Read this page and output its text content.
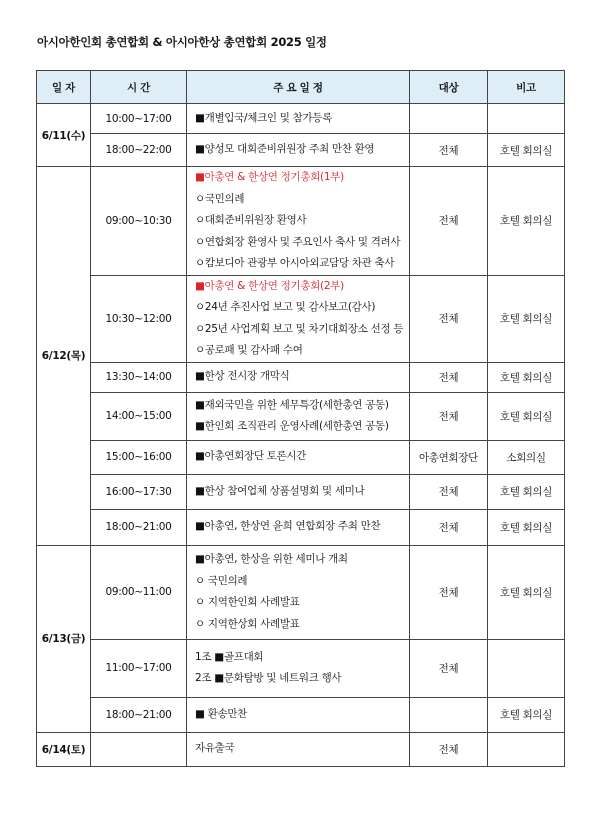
아시아한인회 총연합회 & 아시아한상 총연합회 2025 일정
일 자	시 간	주 요 일 정	대상	비고
6/11(수)	10:00~17:00	■개별입국/체크인 및 참가등록		

	18:00~22:00	■양성모 대회준비위원장 주최 만찬 환영	전체	호텔 회의실
6/12(목)	09:00~10:30	■아총연 & 한상연 정기총회(1부)
ㅇ국민의례
ㅇ대회준비위원장 환영사
ㅇ연합회장 환영사 및 주요인사 축사 및 격려사
ㅇ캄보디아 관광부 아시아외교담당 차관 축사	전체	호텔 회의실
	10:30~12:00	■아총연 & 한상연 정기총회(2부)
ㅇ24년 추진사업 보고 및 감사보고(감사)
ㅇ25년 사업계획 보고 및 차기대회장소 선정 등
ㅇ공로패 및 감사패 수여	전체	호텔 회의실
	13:30~14:00	■한상 전시장 개막식	전체	호텔 회의실
	14:00~15:00	■재외국민을 위한 세무특강(세한총연 공동)
■한인회 조직관리 운영사례(세한총연 공동)	전체	호텔 회의실
	15:00~16:00	■아총연회장단 토론시간	아총연회장단	소회의실
	16:00~17:30	■한상 참여업체 상품설명회 및 세미나	전체	호텔 회의실
	18:00~21:00	■아총연, 한상연 윤희 연합회장 주최 만찬	전체	호텔 회의실
6/13(금)	09:00~11:00	■아총연, 한상을 위한 세미나 개최
ㅇ 국민의례
ㅇ 지역한인회 사례발표
ㅇ 지역한상회 사례발표	전체	호텔 회의실
	11:00~17:00	1조 ■골프대회
2조 ■문화탐방 및 네트워크 행사	전체	
	18:00~21:00	■ 환송만찬		호텔 회의실
6/14(토)		자유출국	전체	
